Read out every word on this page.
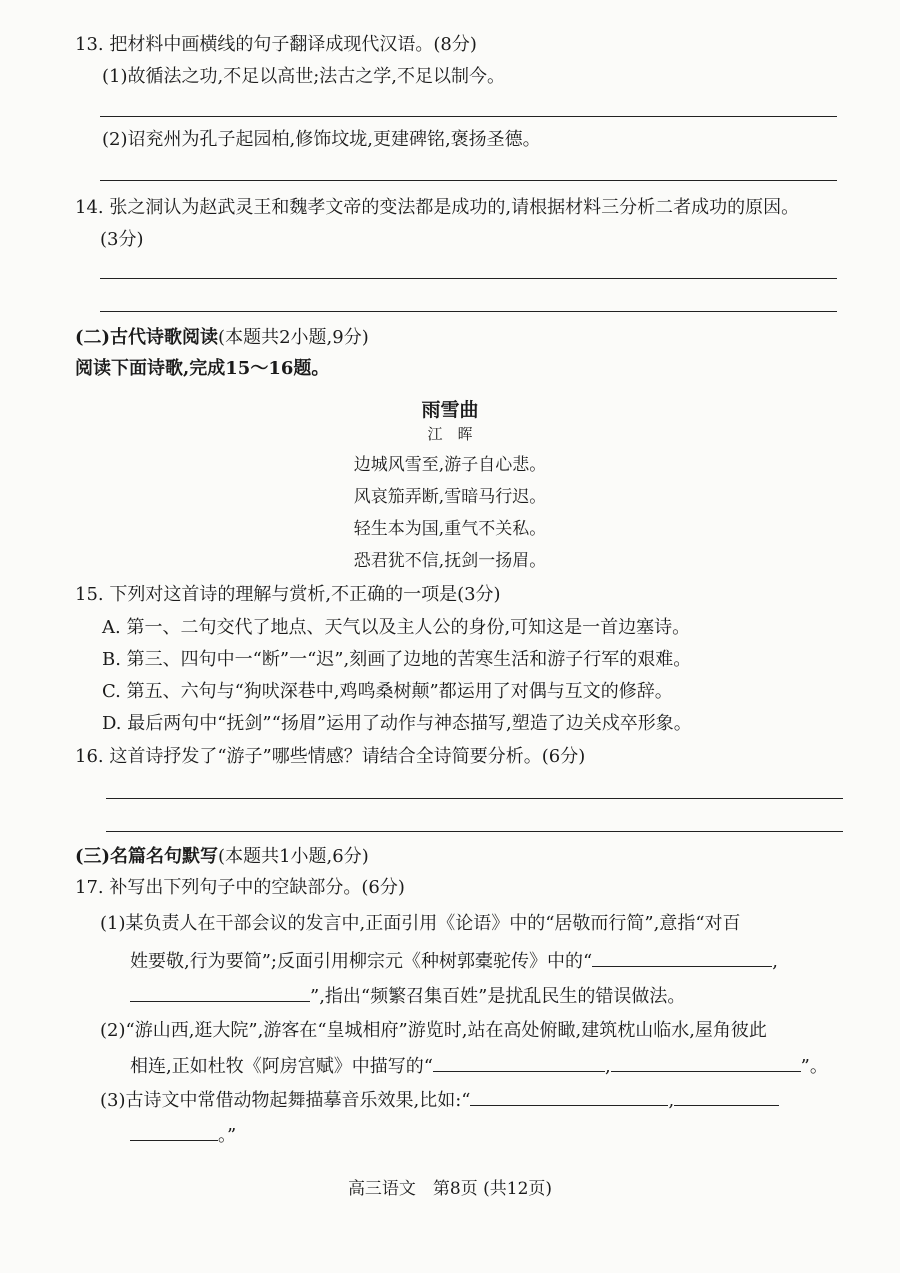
13. 把材料中画横线的句子翻译成现代汉语。(8分)
(1)故循法之功,不足以高世;法古之学,不足以制今。
(2)诏兖州为孔子起园柏,修饰坟垅,更建碑铭,褒扬圣德。
14. 张之洞认为赵武灵王和魏孝文帝的变法都是成功的,请根据材料三分析二者成功的原因。
(3分)
(二)古代诗歌阅读(本题共2小题,9分)
阅读下面诗歌,完成15～16题。
雨雪曲
江　晖
边城风雪至,游子自心悲。
风哀笳弄断,雪暗马行迟。
轻生本为国,重气不关私。
恐君犹不信,抚剑一扬眉。
15. 下列对这首诗的理解与赏析,不正确的一项是(3分)
A. 第一、二句交代了地点、天气以及主人公的身份,可知这是一首边塞诗。
B. 第三、四句中一“断”一“迟”,刻画了边地的苦寒生活和游子行军的艰难。
C. 第五、六句与“狗吠深巷中,鸡鸣桑树颠”都运用了对偶与互文的修辞。
D. 最后两句中“抚剑”“扬眉”运用了动作与神态描写,塑造了边关戍卒形象。
16. 这首诗抒发了“游子”哪些情感？请结合全诗简要分析。(6分)
(三)名篇名句默写(本题共1小题,6分)
17. 补写出下列句子中的空缺部分。(6分)
(1)某负责人在干部会议的发言中,正面引用《论语》中的“居敬而行简”,意指“对百
姓要敬,行为要简”;反面引用柳宗元《种树郭橐驼传》中的“	,
”,指出“频繁召集百姓”是扰乱民生的错误做法。
(2)“游山西,逛大院”,游客在“皇城相府”游览时,站在高处俯瞰,建筑枕山临水,屋角彼此
相连,正如杜牧《阿房宫赋》中描写的“	,	”。
(3)古诗文中常借动物起舞描摹音乐效果,比如:“	,
。”
高三语文　第8页 (共12页)
